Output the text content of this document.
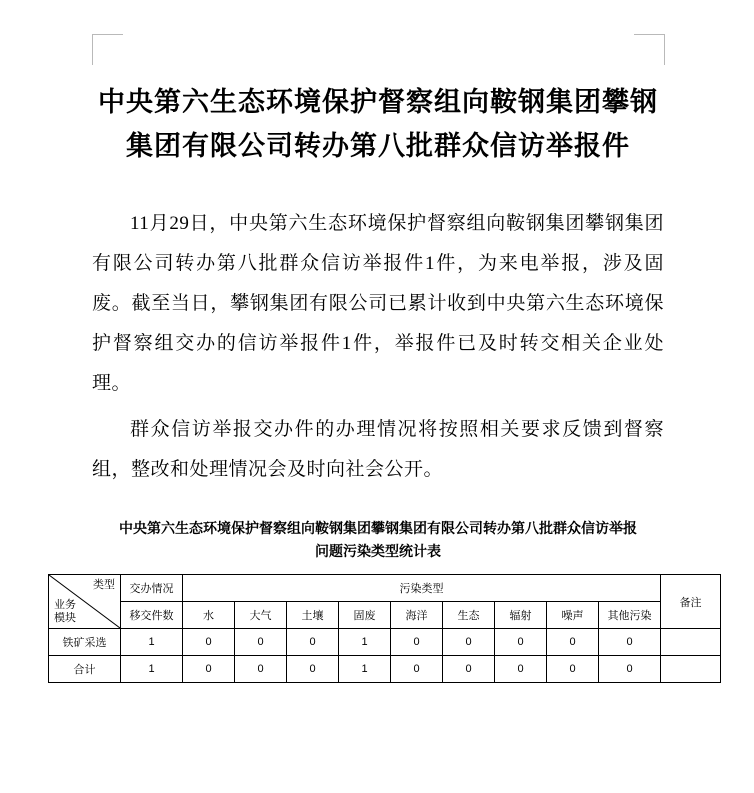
中央第六生态环境保护督察组向鞍钢集团攀钢集团有限公司转办第八批群众信访举报件

11月29日，中央第六生态环境保护督察组向鞍钢集团攀钢集团有限公司转办第八批群众信访举报件1件，为来电举报，涉及固废。截至当日，攀钢集团有限公司已累计收到中央第六生态环境保护督察组交办的信访举报件1件，举报件已及时转交相关企业处理。

群众信访举报交办件的办理情况将按照相关要求反馈到督察组，整改和处理情况会及时向社会公开。

中央第六生态环境保护督察组向鞍钢集团攀钢集团有限公司转办第八批群众信访举报问题污染类型统计表
类型
业务
模块	交办情况	污染类型									备注
	移交件数	水	大气	土壤	固废	海洋	生态	辐射	噪声	其他污染	
铁矿采选	1	0	0	0	1	0	0	0	0	0	
合计	1	0	0	0	1	0	0	0	0	0	
